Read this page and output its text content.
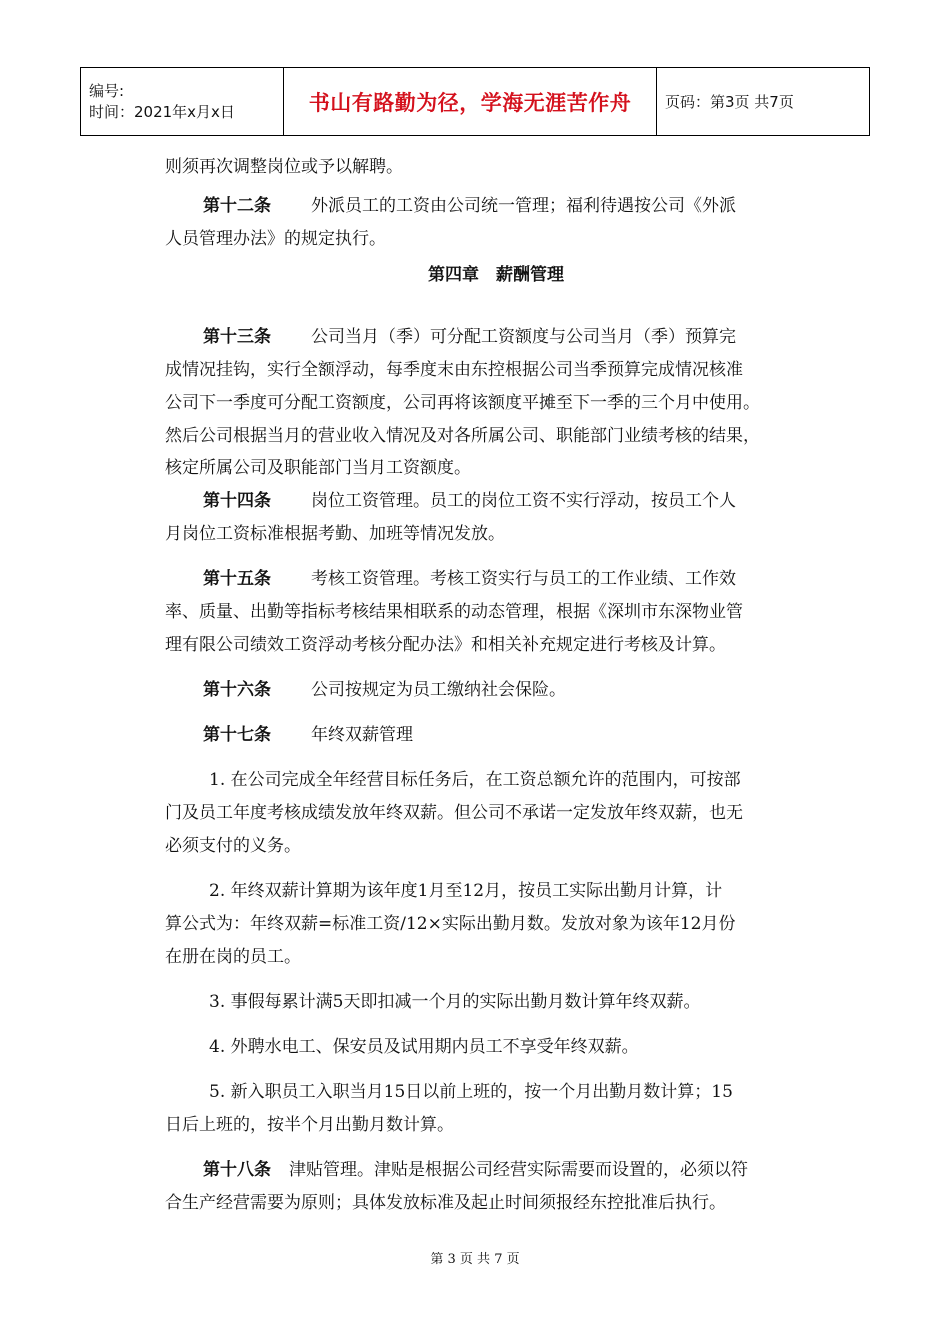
编号:
时间：2021年x月x日	书山有路勤为径，学海无涯苦作舟	页码：第3页 共7页
则须再次调整岗位或予以解聘。
第十二条 外派员工的工资由公司统一管理；福利待遇按公司《外派
人员管理办法》的规定执行。
第四章　薪酬管理
第十三条 公司当月（季）可分配工资额度与公司当月（季）预算完
成情况挂钩，实行全额浮动，每季度末由东控根据公司当季预算完成情况核准
公司下一季度可分配工资额度，公司再将该额度平摊至下一季的三个月中使用。
然后公司根据当月的营业收入情况及对各所属公司、职能部门业绩考核的结果，
核定所属公司及职能部门当月工资额度。
第十四条 岗位工资管理。员工的岗位工资不实行浮动，按员工个人
月岗位工资标准根据考勤、加班等情况发放。
第十五条 考核工资管理。考核工资实行与员工的工作业绩、工作效
率、质量、出勤等指标考核结果相联系的动态管理，根据《深圳市东深物业管
理有限公司绩效工资浮动考核分配办法》和相关补充规定进行考核及计算。
第十六条 公司按规定为员工缴纳社会保险。
第十七条 年终双薪管理
1. 在公司完成全年经营目标任务后，在工资总额允许的范围内，可按部
门及员工年度考核成绩发放年终双薪。但公司不承诺一定发放年终双薪，也无
必须支付的义务。
2. 年终双薪计算期为该年度1月至12月，按员工实际出勤月计算，计
算公式为：年终双薪=标准工资/12×实际出勤月数。发放对象为该年12月份
在册在岗的员工。
3. 事假每累计满5天即扣减一个月的实际出勤月数计算年终双薪。
4. 外聘水电工、保安员及试用期内员工不享受年终双薪。
5. 新入职员工入职当月15日以前上班的，按一个月出勤月数计算；15
日后上班的，按半个月出勤月数计算。
第十八条 津贴管理。津贴是根据公司经营实际需要而设置的，必须以符
合生产经营需要为原则；具体发放标准及起止时间须报经东控批准后执行。
第 3 页 共 7 页
